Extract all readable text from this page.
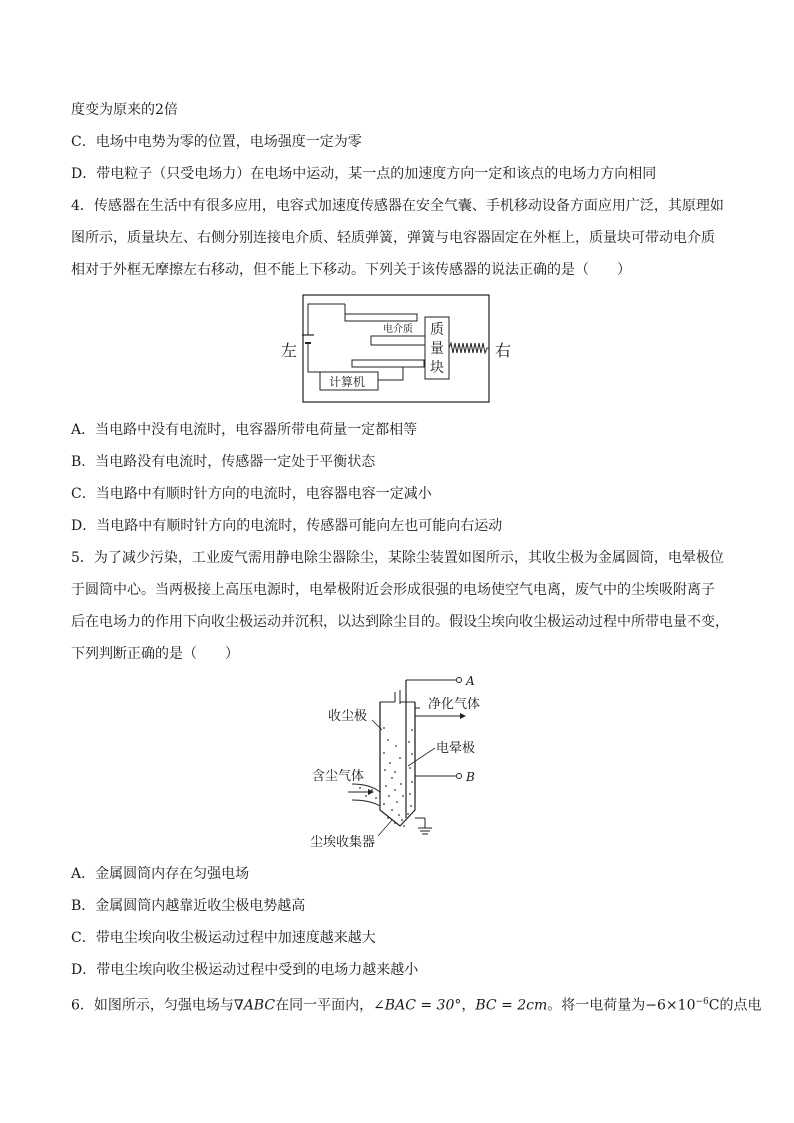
度变为原来的2倍
C．电场中电势为零的位置，电场强度一定为零
D．带电粒子（只受电场力）在电场中运动，某一点的加速度方向一定和该点的电场力方向相同
4．传感器在生活中有很多应用，电容式加速度传感器在安全气囊、手机移动设备方面应用广泛，其原理如
图所示，质量块左、右侧分别连接电介质、轻质弹簧，弹簧与电容器固定在外框上，质量块可带动电介质
相对于外框无摩擦左右移动，但不能上下移动。下列关于该传感器的说法正确的是（　　）
电介质
计算机
质
量
块
左	右
A．当电路中没有电流时，电容器所带电荷量一定都相等
B．当电路没有电流时，传感器一定处于平衡状态
C．当电路中有顺时针方向的电流时，电容器电容一定减小
D．当电路中有顺时针方向的电流时，传感器可能向左也可能向右运动
5．为了减少污染，工业废气需用静电除尘器除尘，某除尘装置如图所示，其收尘极为金属圆筒，电晕极位
于圆筒中心。当两极接上高压电源时，电晕极附近会形成很强的电场使空气电离，废气中的尘埃吸附离子
后在电场力的作用下向收尘极运动并沉积，以达到除尘目的。假设尘埃向收尘极运动过程中所带电量不变，
下列判断正确的是（　　）
A
B
净化气体
收尘极
电晕极
含尘气体
尘埃收集器
A．金属圆筒内存在匀强电场
B．金属圆筒内越靠近收尘极电势越高
C．带电尘埃向收尘极运动过程中加速度越来越大
D．带电尘埃向收尘极运动过程中受到的电场力越来越小
6．如图所示，匀强电场与∇ABC在同一平面内，∠BAC = 30°，BC = 2cm。将一电荷量为$-6\times 10^{-6}C$的点电
